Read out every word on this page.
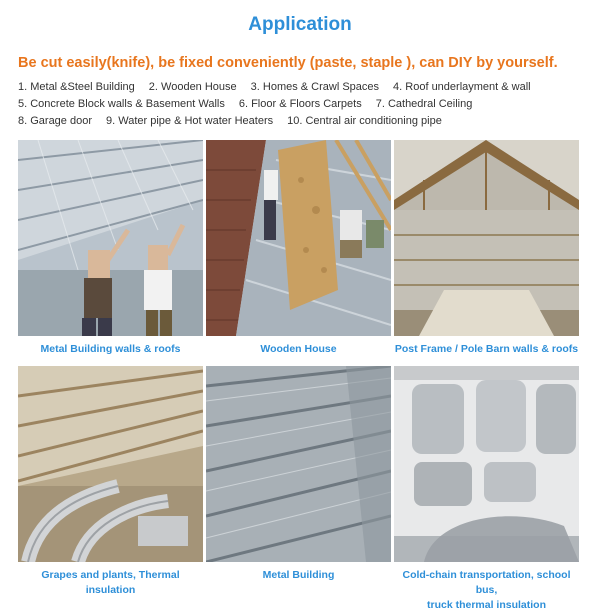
Application
Be cut easily(knife), be fixed conveniently (paste, staple ), can DIY by yourself.
1. Metal &Steel Building 2. Wooden House 3. Homes & Crawl Spaces 4. Roof underlayment & wall
5. Concrete Block walls & Basement Walls 6. Floor & Floors Carpets 7. Cathedral Ceiling
8. Garage door 9. Water pipe & Hot water Heaters 10. Central air conditioning pipe
Metal Building walls & roofs	Wooden House	Post Frame / Pole Barn walls & roofs
Grapes and plants, Thermal insulation
Metal Building	Cold-chain transportation, school bus,
truck thermal insulation
